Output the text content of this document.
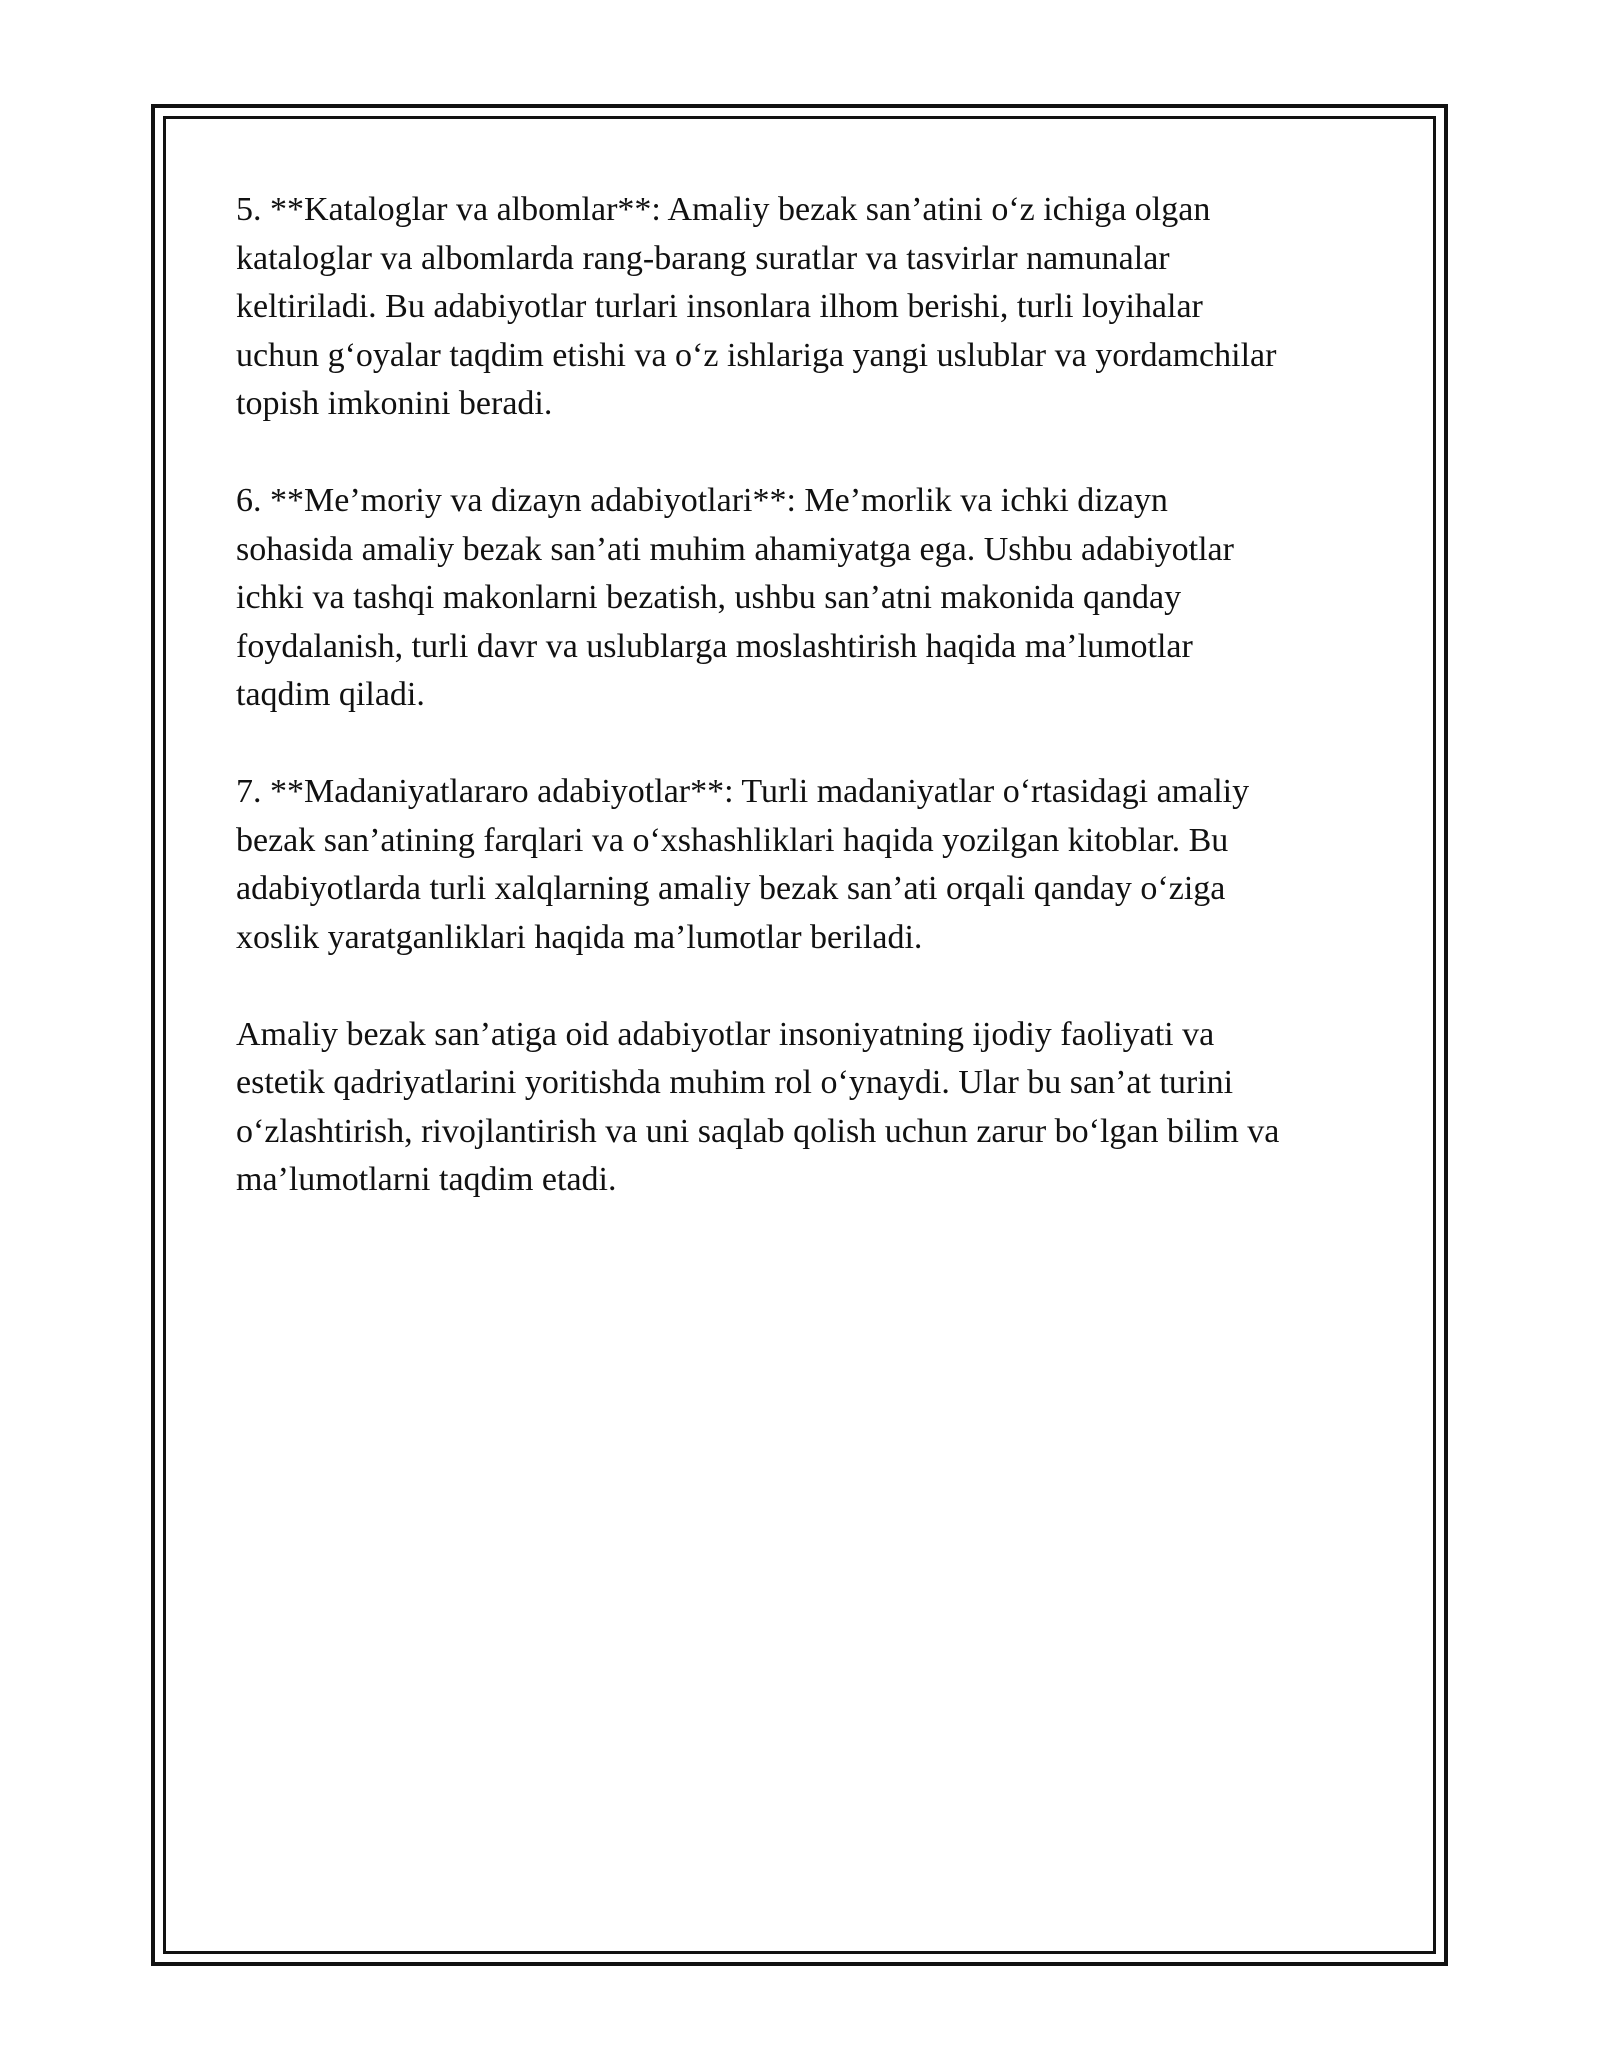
5. **Kataloglar va albomlar**: Amaliy bezak san’atini o‘z ichiga olgan
kataloglar va albomlarda rang-barang suratlar va tasvirlar namunalar
keltiriladi. Bu adabiyotlar turlari insonlara ilhom berishi, turli loyihalar
uchun g‘oyalar taqdim etishi va o‘z ishlariga yangi uslublar va yordamchilar
topish imkonini beradi.

6. **Me’moriy va dizayn adabiyotlari**: Me’morlik va ichki dizayn
sohasida amaliy bezak san’ati muhim ahamiyatga ega. Ushbu adabiyotlar
ichki va tashqi makonlarni bezatish, ushbu san’atni makonida qanday
foydalanish, turli davr va uslublarga moslashtirish haqida ma’lumotlar
taqdim qiladi.

7. **Madaniyatlararo adabiyotlar**: Turli madaniyatlar o‘rtasidagi amaliy
bezak san’atining farqlari va o‘xshashliklari haqida yozilgan kitoblar. Bu
adabiyotlarda turli xalqlarning amaliy bezak san’ati orqali qanday o‘ziga
xoslik yaratganliklari haqida ma’lumotlar beriladi.

Amaliy bezak san’atiga oid adabiyotlar insoniyatning ijodiy faoliyati va
estetik qadriyatlarini yoritishda muhim rol o‘ynaydi. Ular bu san’at turini
o‘zlashtirish, rivojlantirish va uni saqlab qolish uchun zarur bo‘lgan bilim va
ma’lumotlarni taqdim etadi.
